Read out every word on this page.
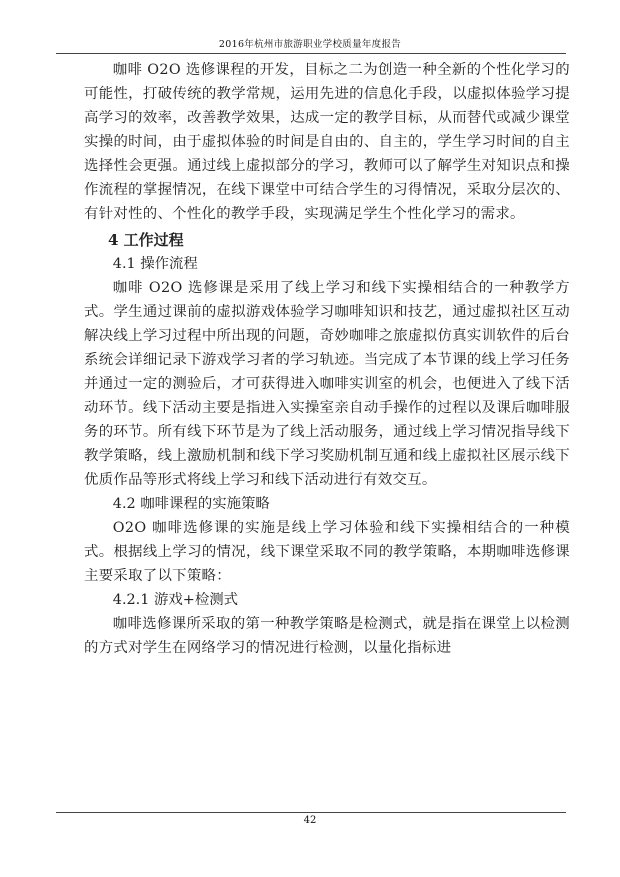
2016年杭州市旅游职业学校质量年度报告

咖啡 O2O 选修课程的开发，目标之二为创造一种全新的个性化学习的可能性，打破传统的教学常规，运用先进的信息化手段，以虚拟体验学习提高学习的效率，改善教学效果，达成一定的教学目标，从而替代或减少课堂实操的时间，由于虚拟体验的时间是自由的、自主的，学生学习时间的自主选择性会更强。通过线上虚拟部分的学习，教师可以了解学生对知识点和操作流程的掌握情况，在线下课堂中可结合学生的习得情况，采取分层次的、有针对性的、个性化的教学手段，实现满足学生个性化学习的需求。

4 工作过程

4.1 操作流程

咖啡 O2O 选修课是采用了线上学习和线下实操相结合的一种教学方式。学生通过课前的虚拟游戏体验学习咖啡知识和技艺，通过虚拟社区互动解决线上学习过程中所出现的问题，奇妙咖啡之旅虚拟仿真实训软件的后台系统会详细记录下游戏学习者的学习轨迹。当完成了本节课的线上学习任务并通过一定的测验后，才可获得进入咖啡实训室的机会，也便进入了线下活动环节。线下活动主要是指进入实操室亲自动手操作的过程以及课后咖啡服务的环节。所有线下环节是为了线上活动服务，通过线上学习情况指导线下教学策略，线上激励机制和线下学习奖励机制互通和线上虚拟社区展示线下优质作品等形式将线上学习和线下活动进行有效交互。

4.2 咖啡课程的实施策略

O2O 咖啡选修课的实施是线上学习体验和线下实操相结合的一种模式。根据线上学习的情况，线下课堂采取不同的教学策略，本期咖啡选修课主要采取了以下策略：

4.2.1 游戏+检测式

咖啡选修课所采取的第一种教学策略是检测式，就是指在课堂上以检测的方式对学生在网络学习的情况进行检测，以量化指标进

42
